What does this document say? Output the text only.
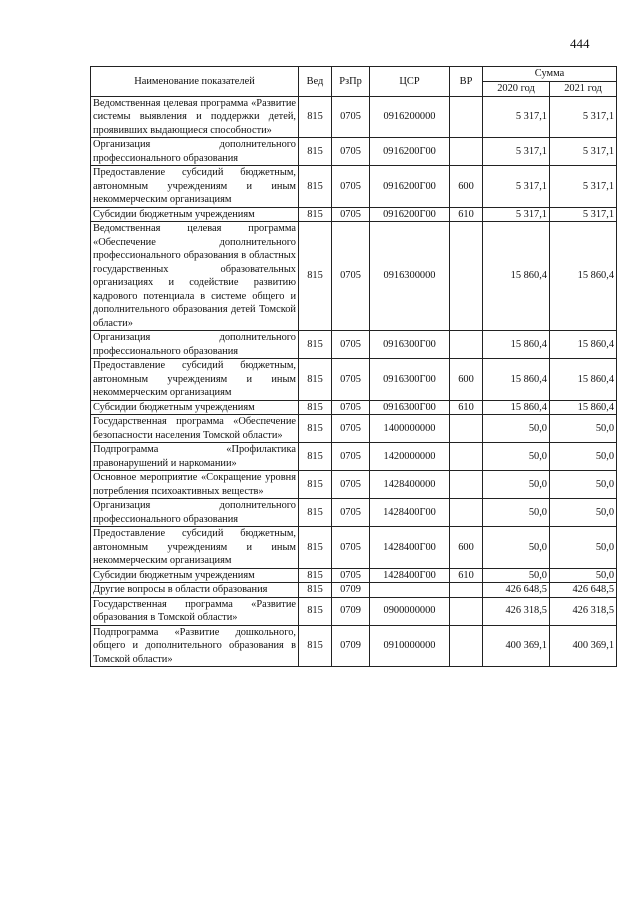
444
Наименование показателей	Вед	РзПр	ЦСР	ВР	Сумма	
					2020 год	2021 год
Ведомственная целевая программа «Развитие системы выявления и поддержки детей, проявивших выдающиеся способности»	815	0705	0916200000		5 317,1	5 317,1
Организация дополнительного профессионального образования	815	0705	0916200Г00		5 317,1	5 317,1
Предоставление субсидий бюджетным, автономным учреждениям и иным некоммерческим организациям	815	0705	0916200Г00	600	5 317,1	5 317,1
Субсидии бюджетным учреждениям	815	0705	0916200Г00	610	5 317,1	5 317,1
Ведомственная целевая программа «Обеспечение дополнительного профессионального образования в областных государственных образовательных организациях и содействие развитию кадрового потенциала в системе общего и дополнительного образования детей Томской области»	815	0705	0916300000		15 860,4	15 860,4
Организация дополнительного профессионального образования	815	0705	0916300Г00		15 860,4	15 860,4
Предоставление субсидий бюджетным, автономным учреждениям и иным некоммерческим организациям	815	0705	0916300Г00	600	15 860,4	15 860,4
Субсидии бюджетным учреждениям	815	0705	0916300Г00	610	15 860,4	15 860,4
Государственная программа «Обеспечение безопасности населения Томской области»	815	0705	1400000000		50,0	50,0
Подпрограмма «Профилактика правонарушений и наркомании»	815	0705	1420000000		50,0	50,0
Основное мероприятие «Сокращение уровня потребления психоактивных веществ»	815	0705	1428400000		50,0	50,0
Организация дополнительного профессионального образования	815	0705	1428400Г00		50,0	50,0
Предоставление субсидий бюджетным, автономным учреждениям и иным некоммерческим организациям	815	0705	1428400Г00	600	50,0	50,0
Субсидии бюджетным учреждениям	815	0705	1428400Г00	610	50,0	50,0
Другие вопросы в области образования	815	0709			426 648,5	426 648,5
Государственная программа «Развитие образования в Томской области»	815	0709	0900000000		426 318,5	426 318,5
Подпрограмма «Развитие дошкольного, общего и дополнительного образования в Томской области»	815	0709	0910000000		400 369,1	400 369,1
